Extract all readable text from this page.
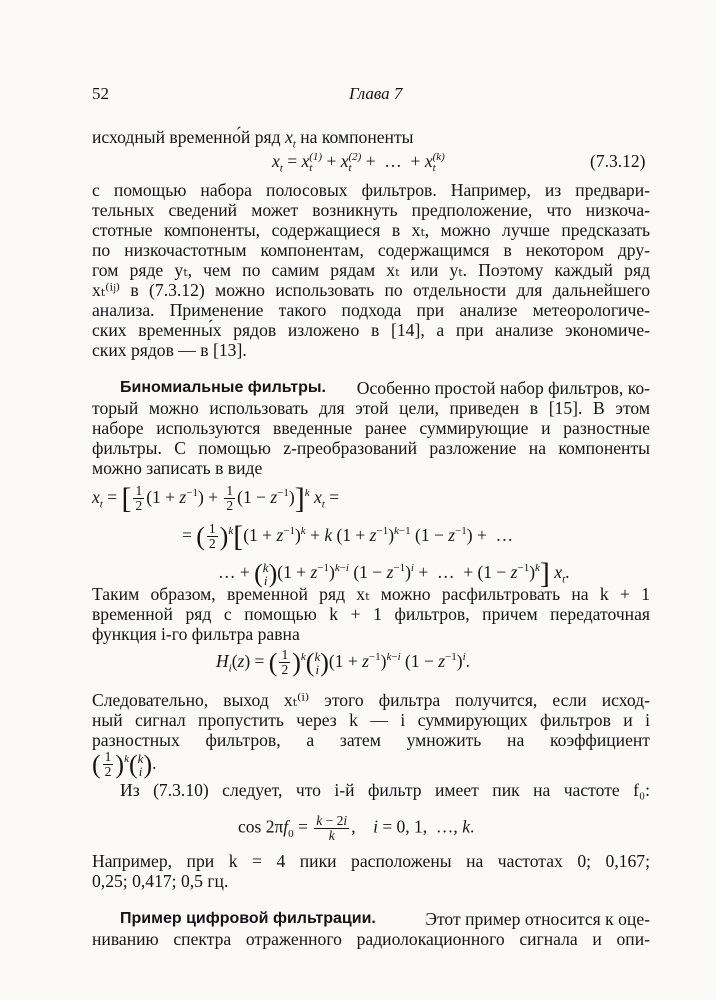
52	Глава 7
исходный временно́й ряд $x_t$ на компоненты
$x_t = x(1)$
t + x(2)
t +  …  + x(k)
t	(7.3.12)
с помощью набора полосовых фильтров. Например, из предвари-
тельных сведений может возникнуть предположение, что низкоча-
стотные компоненты, содержащиеся в xₜ, можно лучше предсказать
по низкочастотным компонентам, содержащимся в некотором дру-
гом ряде yₜ, чем по самим рядам xₜ или yₜ. Поэтому каждый ряд
xₜ⁽ⁱʲ⁾ в (7.3.12) можно использовать по отдельности для дальнейшего
анализа. Применение такого подхода при анализе метеорологиче-
ских временны́х рядов изложено в [14], а при анализе экономиче-
ских рядов — в [13].
Биномиальные фильтры. Особенно простой набор фильтров, ко-
торый можно использовать для этой цели, приведен в [15]. В этом
наборе используются введенные ранее суммирующие и разностные
фильтры. С помощью z-преобразований разложение на компоненты
можно записать в виде
$x_t$ = [ $\frac{1}{2} (1 + z^{-1}) + \frac{1}{2} (1 - z^{-1})]^k$ $x_t$ =
= ( $\frac{1}{2} )^k[(1 + z^{-1})^k + k$ $(1 + z^{-1})^{k-1}$ $(1 - z^{-1})$ +  …
… + (k
$i)(1 + z^{-1})^{k-i}$ $(1 - z^{-1})^i$ +  …  + $(1 - z^{-1})^k$] $x_t$.
Таким образом, временной ряд xₜ можно расфильтровать на k + 1
временной ряд с помощью k + 1 фильтров, причем передаточная
функция i-го фильтра равна
$H_i(z)$ = ( $\frac{1}{2} )^k(k$
$i)(1 + z^{-1})^{k-i}$ $(1 - z^{-1})^i$.
Следовательно, выход xₜ⁽ⁱ⁾ этого фильтра получится, если исход-
ный сигнал пропустить через k — i суммирующих фильтров и i
разностных фильтров, а затем умножить на коэффициент
( $\frac{1}{2} )^k(k$
i).
Из (7.3.10) следует, что i-й фильтр имеет пик на частоте f₀:
$\cos 2\pi f_0 = \frac{k - 2i}{k}$ ,    i = 0, 1,  …, k.
Например, при k = 4 пики расположены на частотах 0; 0,167;
0,25; 0,417; 0,5 гц.
Пример цифровой фильтрации.	Этот пример относится к оце-
ниванию спектра отраженного радиолокационного сигнала и опи-
